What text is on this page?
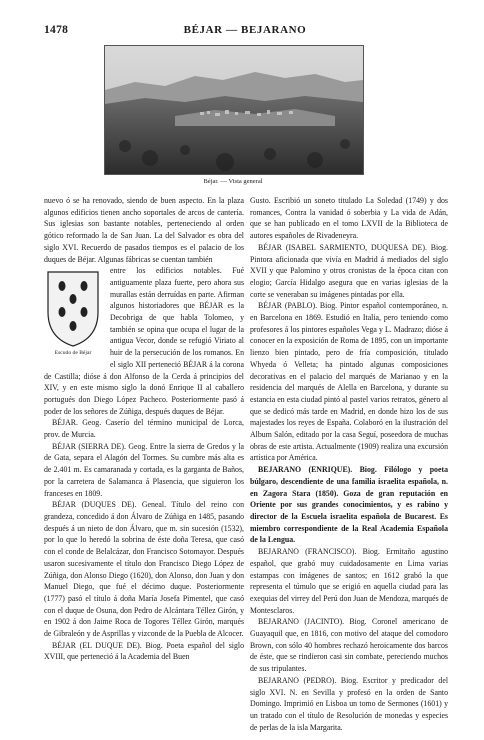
1478	BÉJAR — BEJARANO
Béjar. — Vista general

nuevo ó se ha renovado, siendo de buen aspecto. En la plaza algunos edificios tienen ancho soportales de arcos de cantería. Sus iglesias son bastante notables, perteneciendo al orden gótico reformado la de San Juan. La del Salvador es obra del siglo XVI. Recuerdo de pasados tiempos es el palacio de los duques de Béjar. Algunas fábricas se cuentan también

Escudo de Béjar

entre los edificios notables. Fué antiguamente plaza fuerte, pero ahora sus murallas están derruídas en parte. Afirman algunos historiadores que BÉJAR es la Decobriga de que habla Tolomeo, y también se opina que ocupa el lugar de la antigua Vecor, donde se refugió Viriato al huir de la persecución de los romanos. En el siglo XII perteneció BÉJAR á la corona de Castilla; dióse á don Alfonso de la Cerda á principios del XIV, y en este mismo siglo la donó Enrique II al caballero portugués don Diego López Pacheco. Posteriormente pasó á poder de los señores de Zúñiga, después duques de Béjar.

BÉJAR. Geog. Caserío del término municipal de Lorca, prov. de Murcia.

BÉJAR (SIERRA DE). Geog. Entre la sierra de Gredos y la de Gata, separa el Alagón del Tormes. Su cumbre más alta es de 2.401 m. Es camaranada y cortada, es la garganta de Baños, por la carretera de Salamanca á Plasencia, que siguieron los franceses en 1809.

BÉJAR (DUQUES DE). Geneal. Título del reino con grandeza, concedido á don Álvaro de Zúñiga en 1485, pasando después á un nieto de don Álvaro, que m. sin sucesión (1532), por lo que lo heredó la sobrina de éste doña Teresa, que casó con el conde de Belalcázar, don Francisco Sotomayor. Después usaron sucesivamente el título don Francisco Diego López de Zúñiga, don Alonso Diego (1620), don Alonso, don Juan y don Manuel Diego, que fué el décimo duque. Posteriormente (1777) pasó el título á doña María Josefa Pimentel, que casó con el duque de Osuna, don Pedro de Alcántara Téllez Girón, y en 1902 á don Jaime Roca de Togores Téllez Girón, marqués de Gibraleón y de Asprillas y vizconde de la Puebla de Alcocer.

BÉJAR (EL DUQUE DE). Biog. Poeta español del siglo XVIII, que perteneció á la Academia del Buen

Gusto. Escribió un soneto titulado La Soledad (1749) y dos romances, Contra la vanidad ó soberbia y La vida de Adán, que se han publicado en el tomo LXVII de la Biblioteca de autores españoles de Rivadeneyra.

BÉJAR (ISABEL SARMIENTO, DUQUESA DE). Biog. Pintora aficionada que vivía en Madrid á mediados del siglo XVII y que Palomino y otros cronistas de la época citan con elogio; García Hidalgo asegura que en varias iglesias de la corte se veneraban su imágenes pintadas por ella.

BÉJAR (PABLO). Biog. Pintor español contemporáneo, n. en Barcelona en 1869. Estudió en Italia, pero teniendo como profesores á los pintores españoles Vega y L. Madrazo; dióse á conocer en la exposición de Roma de 1895, con un importante lienzo bien pintado, pero de fría composición, titulado Whyeda ó Velleta; ha pintado algunas composiciones decorativas en el palacio del marqués de Marianao y en la residencia del marqués de Alella en Barcelona, y durante su estancia en esta ciudad pintó al pastel varios retratos, género al que se dedicó más tarde en Madrid, en donde hizo los de sus majestades los reyes de España. Colaboró en la ilustración del Album Salón, editado por la casa Seguí, poseedora de muchas obras de este artista. Actualmente (1909) realiza una excursión artística por América.

BEJARANO (ENRIQUE). Biog. Filólogo y poeta búlgaro, descendiente de una familia israelita española, n. en Zagora Stara (1850). Goza de gran reputación en Oriente por sus grandes conocimientos, y es rabino y director de la Escuela israelita española de Bucarest. Es miembro correspondiente de la Real Academia Española de la Lengua.

BEJARANO (FRANCISCO). Biog. Ermitaño agustino español, que grabó muy cuidadosamente en Lima varias estampas con imágenes de santos; en 1612 grabó la que representa el túmulo que se erigió en aquella ciudad para las exequias del virrey del Perú don Juan de Mendoza, marqués de Montesclaros.

BEJARANO (JACINTO). Biog. Coronel americano de Guayaquil que, en 1816, con motivo del ataque del comodoro Brown, con sólo 40 hombres rechazó heroicamente dos barcos de éste, que se rindieron casi sin combate, pereciendo muchos de sus tripulantes.

BEJARANO (PEDRO). Biog. Escritor y predicador del siglo XVI. N. en Sevilla y profesó en la orden de Santo Domingo. Imprimió en Lisboa un tomo de Sermones (1601) y un tratado con el título de Resolución de monedas y especies de perlas de la isla Margarita.
